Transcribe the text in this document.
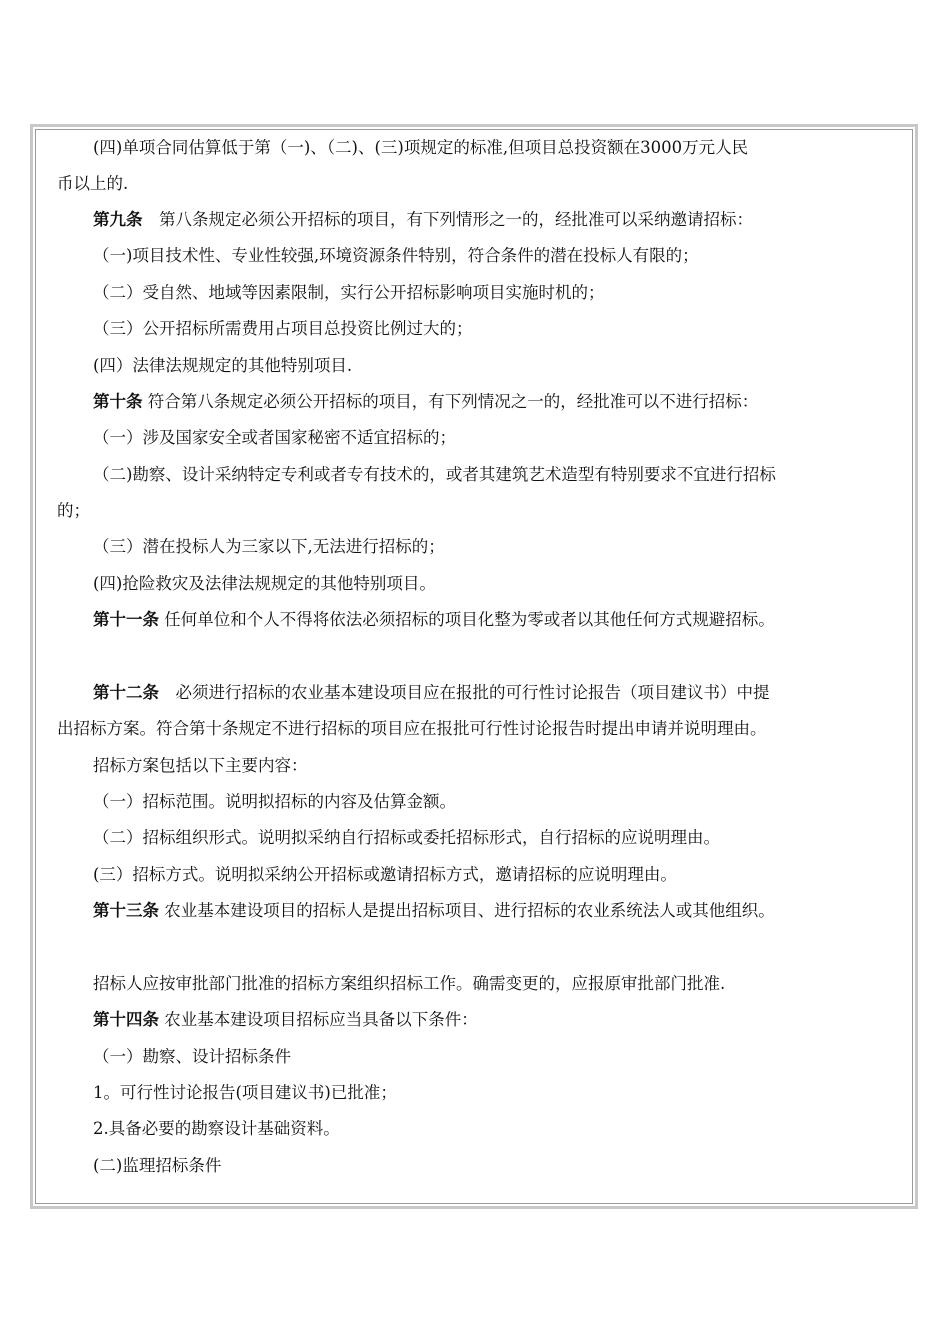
(四)单项合同估算低于第（一)、（二)、(三)项规定的标准,但项目总投资额在3000万元人民
币以上的.
第九条　第八条规定必须公开招标的项目，有下列情形之一的，经批准可以采纳邀请招标：
（一)项目技术性、专业性较强,环境资源条件特别，符合条件的潜在投标人有限的；
（二）受自然、地域等因素限制，实行公开招标影响项目实施时机的；
（三）公开招标所需费用占项目总投资比例过大的；
(四）法律法规规定的其他特别项目.
第十条 符合第八条规定必须公开招标的项目，有下列情况之一的，经批准可以不进行招标：
（一）涉及国家安全或者国家秘密不适宜招标的；
（二)勘察、设计采纳特定专利或者专有技术的，或者其建筑艺术造型有特别要求不宜进行招标
的；
（三）潜在投标人为三家以下,无法进行招标的；
(四)抢险救灾及法律法规规定的其他特别项目。
第十一条 任何单位和个人不得将依法必须招标的项目化整为零或者以其他任何方式规避招标。
第十二条　必须进行招标的农业基本建设项目应在报批的可行性讨论报告（项目建议书）中提
出招标方案。符合第十条规定不进行招标的项目应在报批可行性讨论报告时提出申请并说明理由。
招标方案包括以下主要内容：
（一）招标范围。说明拟招标的内容及估算金额。
（二）招标组织形式。说明拟采纳自行招标或委托招标形式，自行招标的应说明理由。
(三）招标方式。说明拟采纳公开招标或邀请招标方式，邀请招标的应说明理由。
第十三条 农业基本建设项目的招标人是提出招标项目、进行招标的农业系统法人或其他组织。
招标人应按审批部门批准的招标方案组织招标工作。确需变更的，应报原审批部门批准.
第十四条 农业基本建设项目招标应当具备以下条件：
（一）勘察、设计招标条件
1。可行性讨论报告(项目建议书)已批准；
2.具备必要的勘察设计基础资料。
(二)监理招标条件
